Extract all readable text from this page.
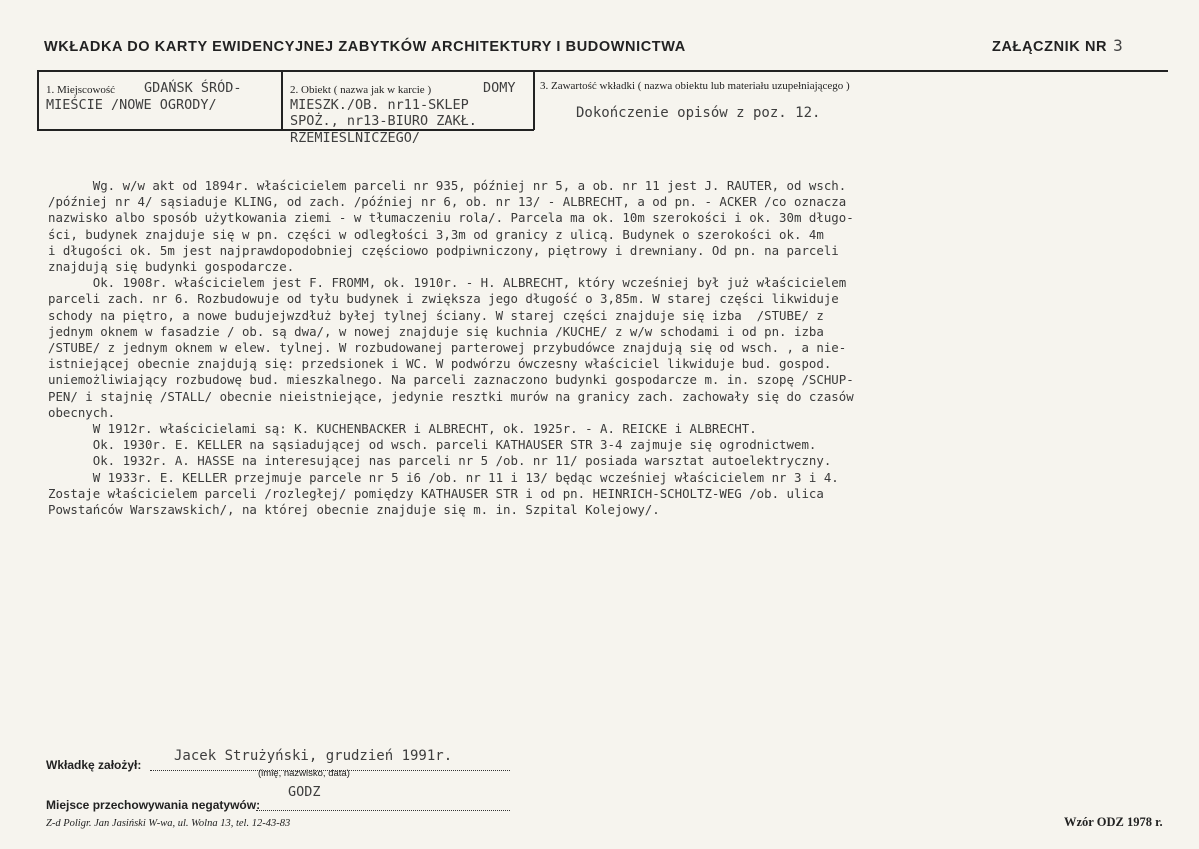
WKŁADKA DO KARTY EWIDENCYJNEJ ZABYTKÓW ARCHITEKTURY I BUDOWNICTWA	ZAŁĄCZNIK NR 3
1. Miejscowość GDAŃSK ŚRÓD-
MIEŚCIE /NOWE OGRODY/
2. Obiekt ( nazwa jak w karcie )	DOMY
MIESZK./OB. nr11-SKLEP
SPOŻ., nr13-BIURO ZAKŁ.
RZEMIEŚLNICZEGO/
3. Zawartość wkładki ( nazwa obiektu lub materiału uzupełniającego )
Dokończenie opisów z poz. 12.
Wg. w/w akt od 1894r. właścicielem parceli nr 935, później nr 5, a ob. nr 11 jest J. RAUTER, od wsch.
/później nr 4/ sąsiaduje KLING, od zach. /później nr 6, ob. nr 13/ - ALBRECHT, a od pn. - ACKER /co oznacza
nazwisko albo sposób użytkowania ziemi - w tłumaczeniu rola/. Parcela ma ok. 10m szerokości i ok. 30m długo-
ści, budynek znajduje się w pn. części w odległości 3,3m od granicy z ulicą. Budynek o szerokości ok. 4m
i długości ok. 5m jest najprawdopodobniej częściowo podpiwniczony, piętrowy i drewniany. Od pn. na parceli
znajdują się budynki gospodarcze.
Ok. 1908r. właścicielem jest F. FROMM, ok. 1910r. - H. ALBRECHT, który wcześniej był już właścicielem
parceli zach. nr 6. Rozbudowuje od tyłu budynek i zwiększa jego długość o 3,85m. W starej części likwiduje
schody na piętro, a nowe budujejwzdłuż byłej tylnej ściany. W starej części znajduje się izba  /STUBE/ z
jednym oknem w fasadzie / ob. są dwa/, w nowej znajduje się kuchnia /KUCHE/ z w/w schodami i od pn. izba
/STUBE/ z jednym oknem w elew. tylnej. W rozbudowanej parterowej przybudówce znajdują się od wsch. , a nie-
istniejącej obecnie znajdują się: przedsionek i WC. W podwórzu ówczesny właściciel likwiduje bud. gospod.
uniemożliwiający rozbudowę bud. mieszkalnego. Na parceli zaznaczono budynki gospodarcze m. in. szopę /SCHUP-
PEN/ i stajnię /STALL/ obecnie nieistniejące, jedynie resztki murów na granicy zach. zachowały się do czasów
obecnych.
W 1912r. właścicielami są: K. KUCHENBACKER i ALBRECHT, ok. 1925r. - A. REICKE i ALBRECHT.
Ok. 1930r. E. KELLER na sąsiadującej od wsch. parceli KATHAUSER STR 3-4 zajmuje się ogrodnictwem.
Ok. 1932r. A. HASSE na interesującej nas parceli nr 5 /ob. nr 11/ posiada warsztat autoelektryczny.
W 1933r. E. KELLER przejmuje parcele nr 5 i6 /ob. nr 11 i 13/ będąc wcześniej właścicielem nr 3 i 4.
Zostaje właścicielem parceli /rozległej/ pomiędzy KATHAUSER STR i od pn. HEINRICH-SCHOLTZ-WEG /ob. ulica
Powstańców Warszawskich/, na której obecnie znajduje się m. in. Szpital Kolejowy/.
Wkładkę założył:
Jacek Strużyński, grudzień 1991r.
(imię, nazwisko, data)
Miejsce przechowywania negatywów:
GODZ
Z-d Poligr. Jan Jasiński W-wa, ul. Wolna 13, tel. 12-43-83	Wzór ODZ 1978 r.
